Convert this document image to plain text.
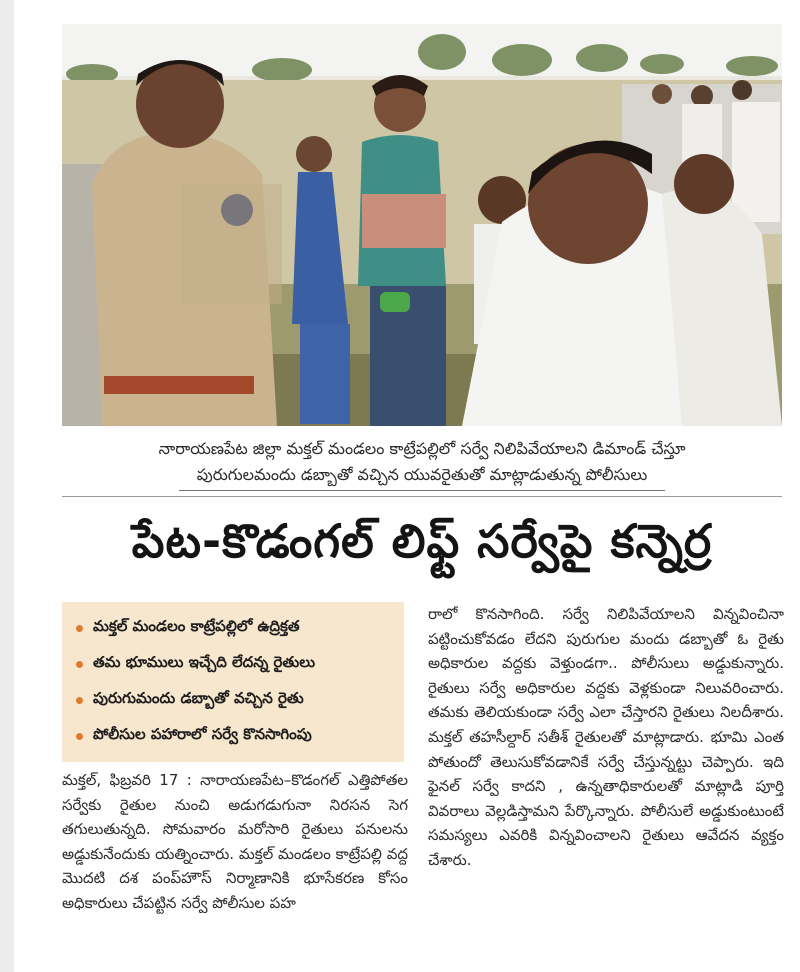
నారాయణపేట జిల్లా మక్తల్ మండలం కాట్రేపల్లిలో సర్వే నిలిపివేయాలని డిమాండ్ చేస్తూ
పురుగులమందు డబ్బాతో వచ్చిన యువరైతుతో మాట్లాడుతున్న పోలీసులు
పేట-కొడంగల్ లిఫ్ట్ సర్వేపై కన్నెర్ర
మక్తల్ మండలం కాట్రేపల్లిలో ఉద్రిక్తత
తమ భూములు ఇచ్చేది లేదన్న రైతులు
పురుగుమందు డబ్బాతో వచ్చిన రైతు
పోలీసుల పహారాలో సర్వే కొనసాగింపు

మక్తల్, ఫిబ్రవరి 17 : నారాయణపేట–కొడంగల్ ఎత్తిపోతల సర్వేకు రైతుల నుంచి అడుగడుగునా నిరసన సెగ తగులుతున్నది. సోమవారం మరోసారి రైతులు పనులను అడ్డుకునేందుకు యత్నించారు. మక్తల్ మండలం కాట్రేపల్లి వద్ద మొదటి దశ పంప్‌హౌస్ నిర్మాణానికి భూసేకరణ కోసం అధికారులు చేపట్టిన సర్వే పోలీసుల పహ

రాలో కొనసాగింది. సర్వే నిలిపివేయాలని విన్నవించినా పట్టించుకోవడం లేదని పురుగుల మందు డబ్బాతో ఓ రైతు అధికారుల వద్దకు వెళ్తుండగా.. పోలీసులు అడ్డుకున్నారు. రైతులు సర్వే అధికారుల వద్దకు వెళ్లకుండా నిలువరించారు. తమకు తెలియకుండా సర్వే ఎలా చేస్తారని రైతులు నిలదీశారు. మక్తల్ తహసీల్దార్ సతీశ్ రైతులతో మాట్లాడారు. భూమి ఎంత పోతుందో తెలుసుకోవడానికే సర్వే చేస్తున్నట్టు చెప్పారు. ఇది ఫైనల్ సర్వే కాదని , ఉన్నతాధికారులతో మాట్లాడి పూర్తి వివరాలు వెల్లడిస్తామని పేర్కొన్నారు. పోలీసులే అడ్డుకుంటుంటే సమస్యలు ఎవరికి విన్నవించాలని రైతులు ఆవేదన వ్యక్తం చేశారు.
